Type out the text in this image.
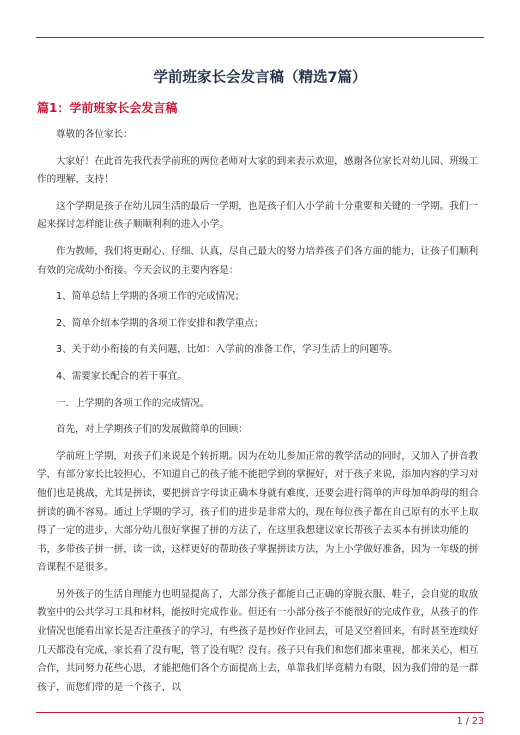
学前班家长会发言稿（精选7篇）
篇1：学前班家长会发言稿

尊敬的各位家长：

大家好！在此首先我代表学前班的两位老师对大家的到来表示欢迎，感谢各位家长对幼儿园、班级工作的理解、支持！

这个学期是孩子在幼儿园生活的最后一学期，也是孩子们入小学前十分重要和关键的一学期。我们一起来探讨怎样能让孩子顺顺利利的进入小学。

作为教师，我们将更耐心、仔细、认真，尽自己最大的努力培养孩子们各方面的能力，让孩子们顺利有效的完成幼小衔接。今天会议的主要内容是：

1、简单总结上学期的各项工作的完成情况；

2、简单介绍本学期的各项工作安排和教学重点；

3、关于幼小衔接的有关问题，比如：入学前的准备工作，学习生活上的问题等。

4、需要家长配合的若干事宜。

一．上学期的各项工作的完成情况。

首先，对上学期孩子们的发展做简单的回顾：

学前班上学期，对孩子们来说是个转折期。因为在幼儿参加正常的教学活动的同时，又加入了拼音教学，有部分家长比较担心，不知道自己的孩子能不能把学到的掌握好，对于孩子来说，添加内容的学习对他们也是挑战，尤其是拼读，要把拼音字母读正确本身就有难度，还要会进行简单的声母加单韵母的组合拼读的确不容易。通过上学期的学习，孩子们的进步是非常大的，现在每位孩子都在自己原有的水平上取得了一定的进步，大部分幼儿很好掌握了拼的方法了，在这里我想建议家长帮孩子去买本有拼读功能的书，多带孩子拼一拼，读一读，这样更好的帮助孩子掌握拼读方法，为上小学做好准备，因为一年级的拼音课程不是很多。

另外孩子的生活自理能力也明显提高了，大部分孩子都能自己正确的穿脱衣服、鞋子，会自觉的取放教室中的公共学习工具和材料，能按时完成作业。但还有一小部分孩子不能很好的完成作业，从孩子的作业情况也能看出家长是否注重孩子的学习，有些孩子是抄好作业回去，可是又空着回来，有时甚至连续好几天都没有完成，家长看了没有呢，管了没有呢？没有。孩子只有我们和您们都来重视，都来关心，相互合作，共同努力花些心思，才能把他们各个方面提高上去，单靠我们毕竟精力有限，因为我们带的是一群孩子，而您们带的是一个孩子，以

1 / 23
